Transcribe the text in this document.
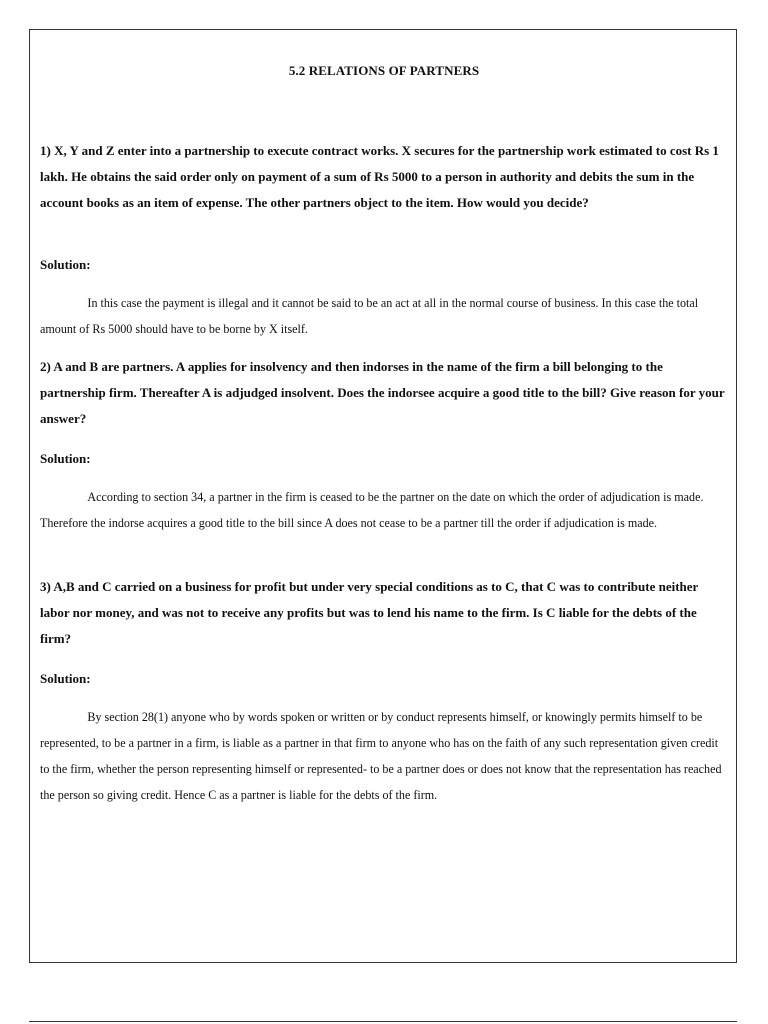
5.2 RELATIONS OF PARTNERS

1) X, Y and Z enter into a partnership to execute contract works. X secures for the partnership work estimated to cost Rs 1 lakh. He obtains the said order only on payment of a sum of Rs 5000 to a person in authority and debits the sum in the account books as an item of expense. The other partners object to the item. How would you decide?

Solution:

In this case the payment is illegal and it cannot be said to be an act at all in the normal course of business. In this case the total amount of Rs 5000 should have to be borne by X itself.

2) A and B are partners. A applies for insolvency and then indorses in the name of the firm a bill belonging to the partnership firm. Thereafter A is adjudged insolvent. Does the indorsee acquire a good title to the bill? Give reason for your answer?

Solution:

According to section 34, a partner in the firm is ceased to be the partner on the date on which the order of adjudication is made. Therefore the indorse acquires a good title to the bill since A does not cease to be a partner till the order if adjudication is made.

3) A,B and C carried on a business for profit but under very special conditions as to C, that C was to contribute neither labor nor money, and was not to receive any profits but was to lend his name to the firm. Is C liable for the debts of the firm?

Solution:

By section 28(1) anyone who by words spoken or written or by conduct represents himself, or knowingly permits himself to be represented, to be a partner in a firm, is liable as a partner in that firm to anyone who has on the faith of any such representation given credit to the firm, whether the person representing himself or represented- to be a partner does or does not know that the representation has reached the person so giving credit. Hence C as a partner is liable for the debts of the firm.
